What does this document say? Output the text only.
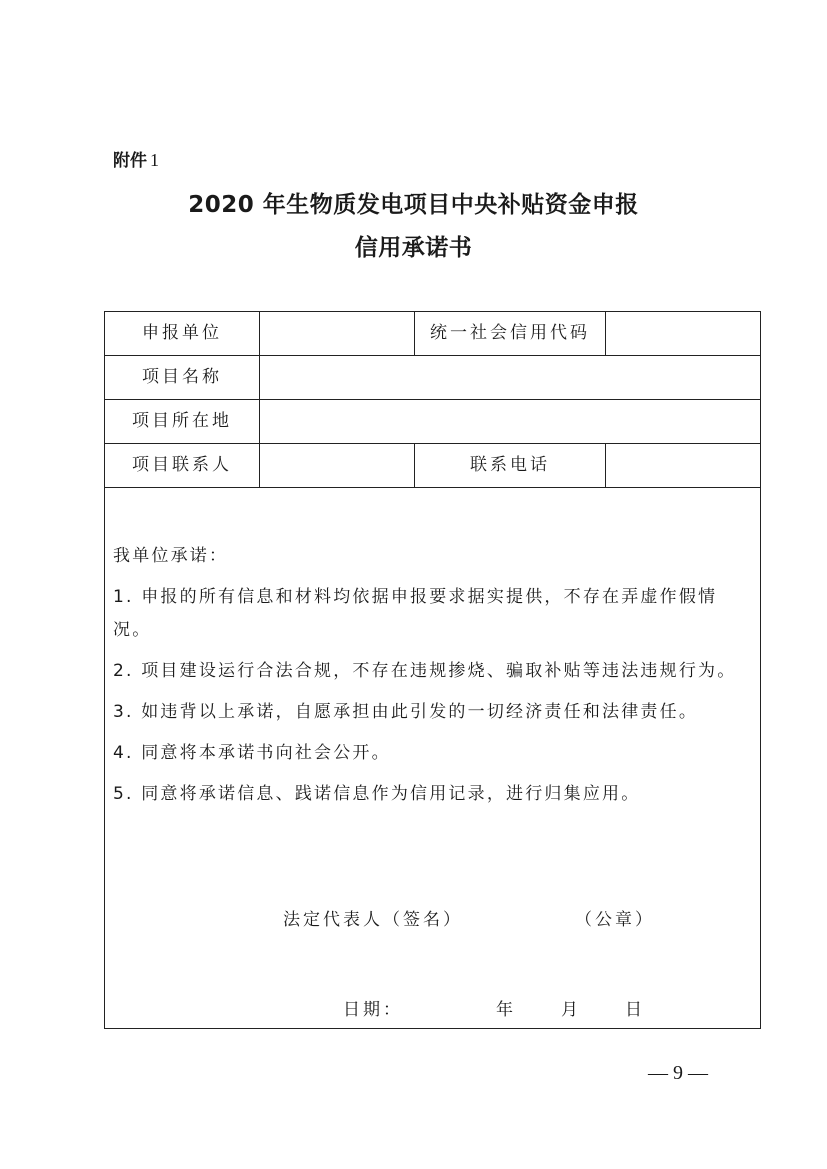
附件 1
2020 年生物质发电项目中央补贴资金申报
信用承诺书
申报单位	统一社会信用代码
项目名称
项目所在地
项目联系人	联系电话

我单位承诺：

1. 申报的所有信息和材料均依据申报要求据实提供，不存在弄虚作假情况。

2. 项目建设运行合法合规，不存在违规掺烧、骗取补贴等违法违规行为。

3. 如违背以上承诺，自愿承担由此引发的一切经济责任和法律责任。

4. 同意将本承诺书向社会公开。

5. 同意将承诺信息、践诺信息作为信用记录，进行归集应用。

法定代表人（签名）	（公章）
日期：	年	月	日
— 9 —
